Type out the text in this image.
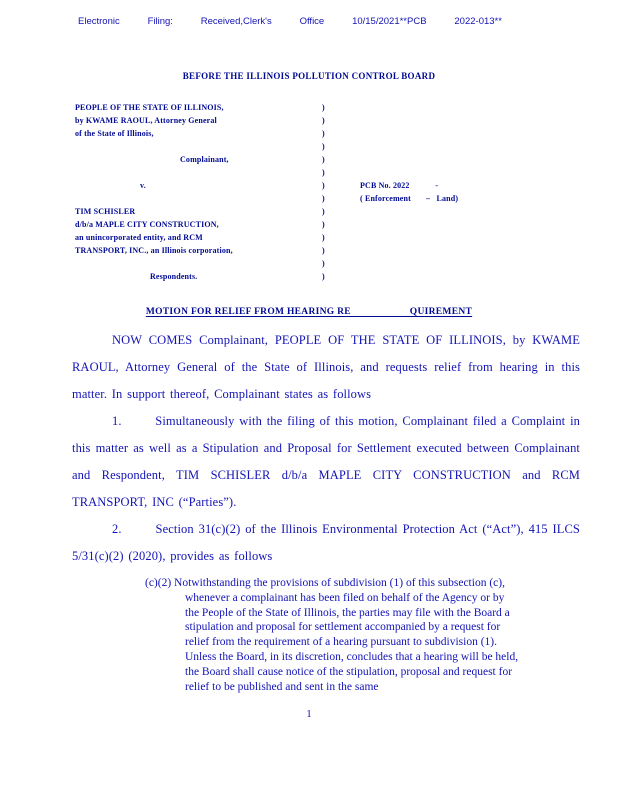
Electronic	Filing:	Received,Clerk's	Office	10/15/2021**PCB	2022-013**
BEFORE THE ILLINOIS POLLUTION CONTROL BOARD
PEOPLE OF THE STATE OF ILLINOIS,	)
by KWAME RAOUL, Attorney General	)
of the State of Illinois,	)
)
Complainant,	)
)
v.	)	PCB No. 2022            -
)	( Enforcement       –   Land)
TIM SCHISLER	)
d/b/a MAPLE CITY CONSTRUCTION,	)
an unincorporated entity, and RCM	)
TRANSPORT, INC., an Illinois corporation,	)
)
Respondents.	)
MOTION FOR RELIEF FROM HEARING RE                      QUIREMENT

NOW COMES Complainant, PEOPLE OF THE STATE OF ILLINOIS, by KWAME RAOUL, Attorney General of the State of Illinois, and requests relief from hearing in this matter. In support thereof, Complainant states as follows

1.       Simultaneously with the filing of this motion, Complainant filed a Complaint in this matter as well as a Stipulation and Proposal for Settlement executed between Complainant and Respondent, TIM SCHISLER d/b/a MAPLE CITY CONSTRUCTION and RCM TRANSPORT, INC (“Parties”).

2.       Section 31(c)(2) of the Illinois Environmental Protection Act (“Act”), 415 ILCS 5/31(c)(2) (2020), provides as follows

(c)(2) Notwithstanding the provisions of subdivision (1) of this subsection (c), whenever a complainant has been filed on behalf of the Agency or by the People of the State of Illinois, the parties may file with the Board a stipulation and proposal for settlement accompanied by a request for relief from the requirement of a hearing pursuant to subdivision (1). Unless the Board, in its discretion, concludes that a hearing will be held, the Board shall cause notice of the stipulation, proposal and request for relief to be published and sent in the same
1
